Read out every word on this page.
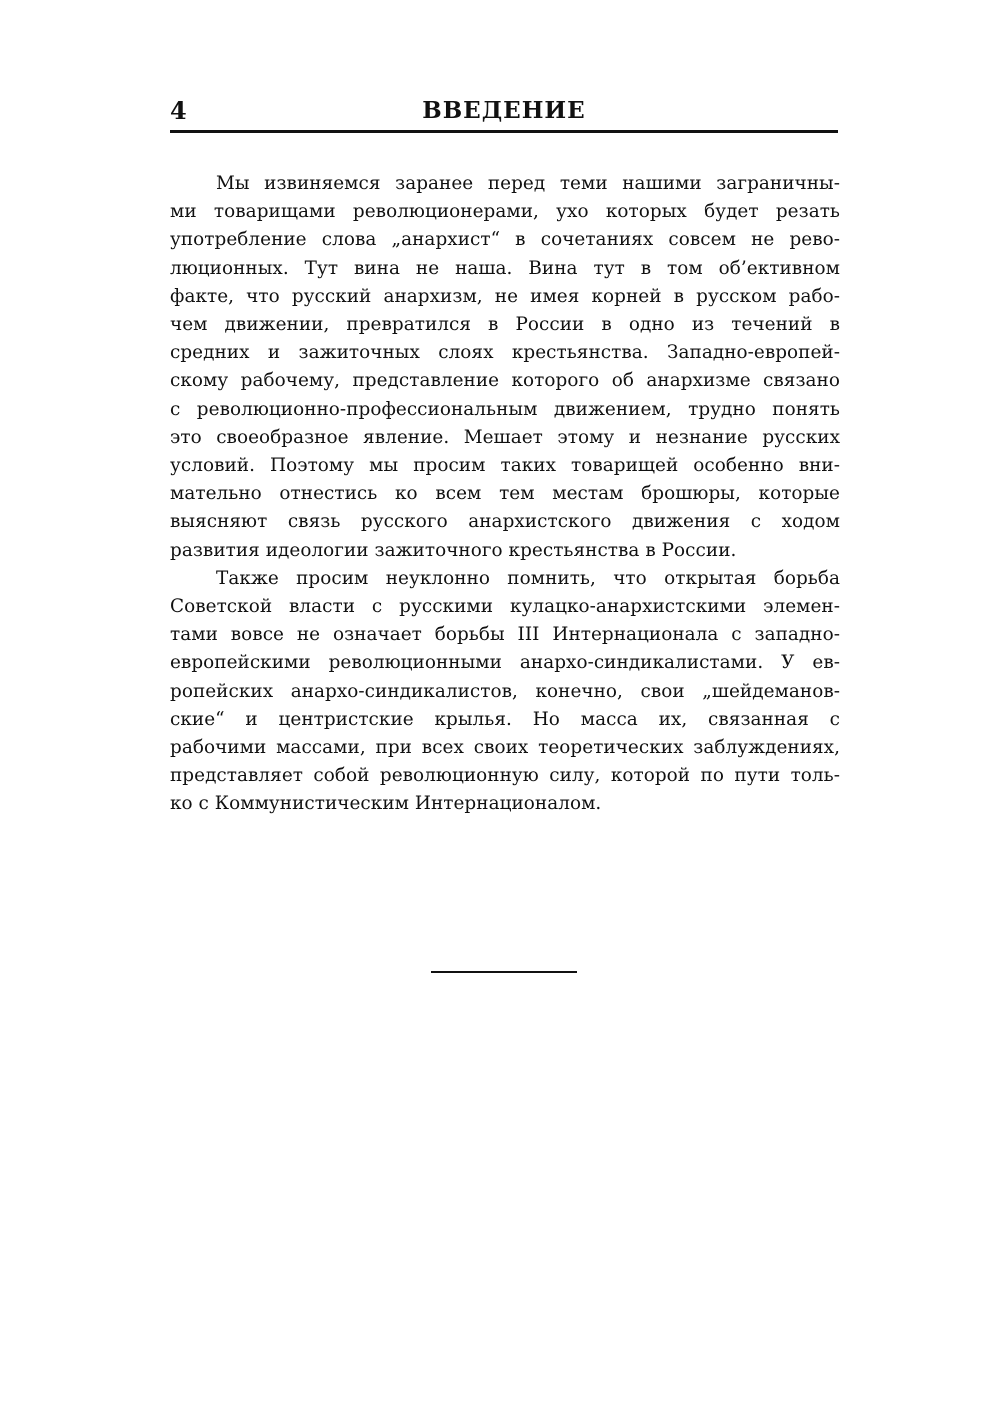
4	ВВЕДЕНИЕ
Мы извиняемся заранее перед теми нашими заграничны-
ми товарищами революционерами, ухо которых будет резать
употребление слова „анархист“ в сочетаниях совсем не рево-
люционных. Тут вина не наша. Вина тут в том об’ективном
факте, что русский анархизм, не имея корней в русском рабо-
чем движении, превратился в России в одно из течений в
средних и зажиточных слоях крестьянства. Западно-европей-
скому рабочему, представление которого об анархизме связано
с революционно-профессиональным движением, трудно понять
это своеобразное явление. Мешает этому и незнание русских
условий. Поэтому мы просим таких товарищей особенно вни-
мательно отнестись ко всем тем местам брошюры, которые
выясняют связь русского анархистского движения с ходом
развития идеологии зажиточного крестьянства в России.
Также просим неуклонно помнить, что открытая борьба
Советской власти с русскими кулацко-анархистскими элемен-
тами вовсе не означает борьбы III Интернационала с западно-
европейскими революционными анархо-синдикалистами. У ев-
ропейских анархо-синдикалистов, конечно, свои „шейдеманов-
ские“ и центристские крылья. Но масса их, связанная с
рабочими массами, при всех своих теоретических заблуждениях,
представляет собой революционную силу, которой по пути толь-
ко с Коммунистическим Интернационалом.
